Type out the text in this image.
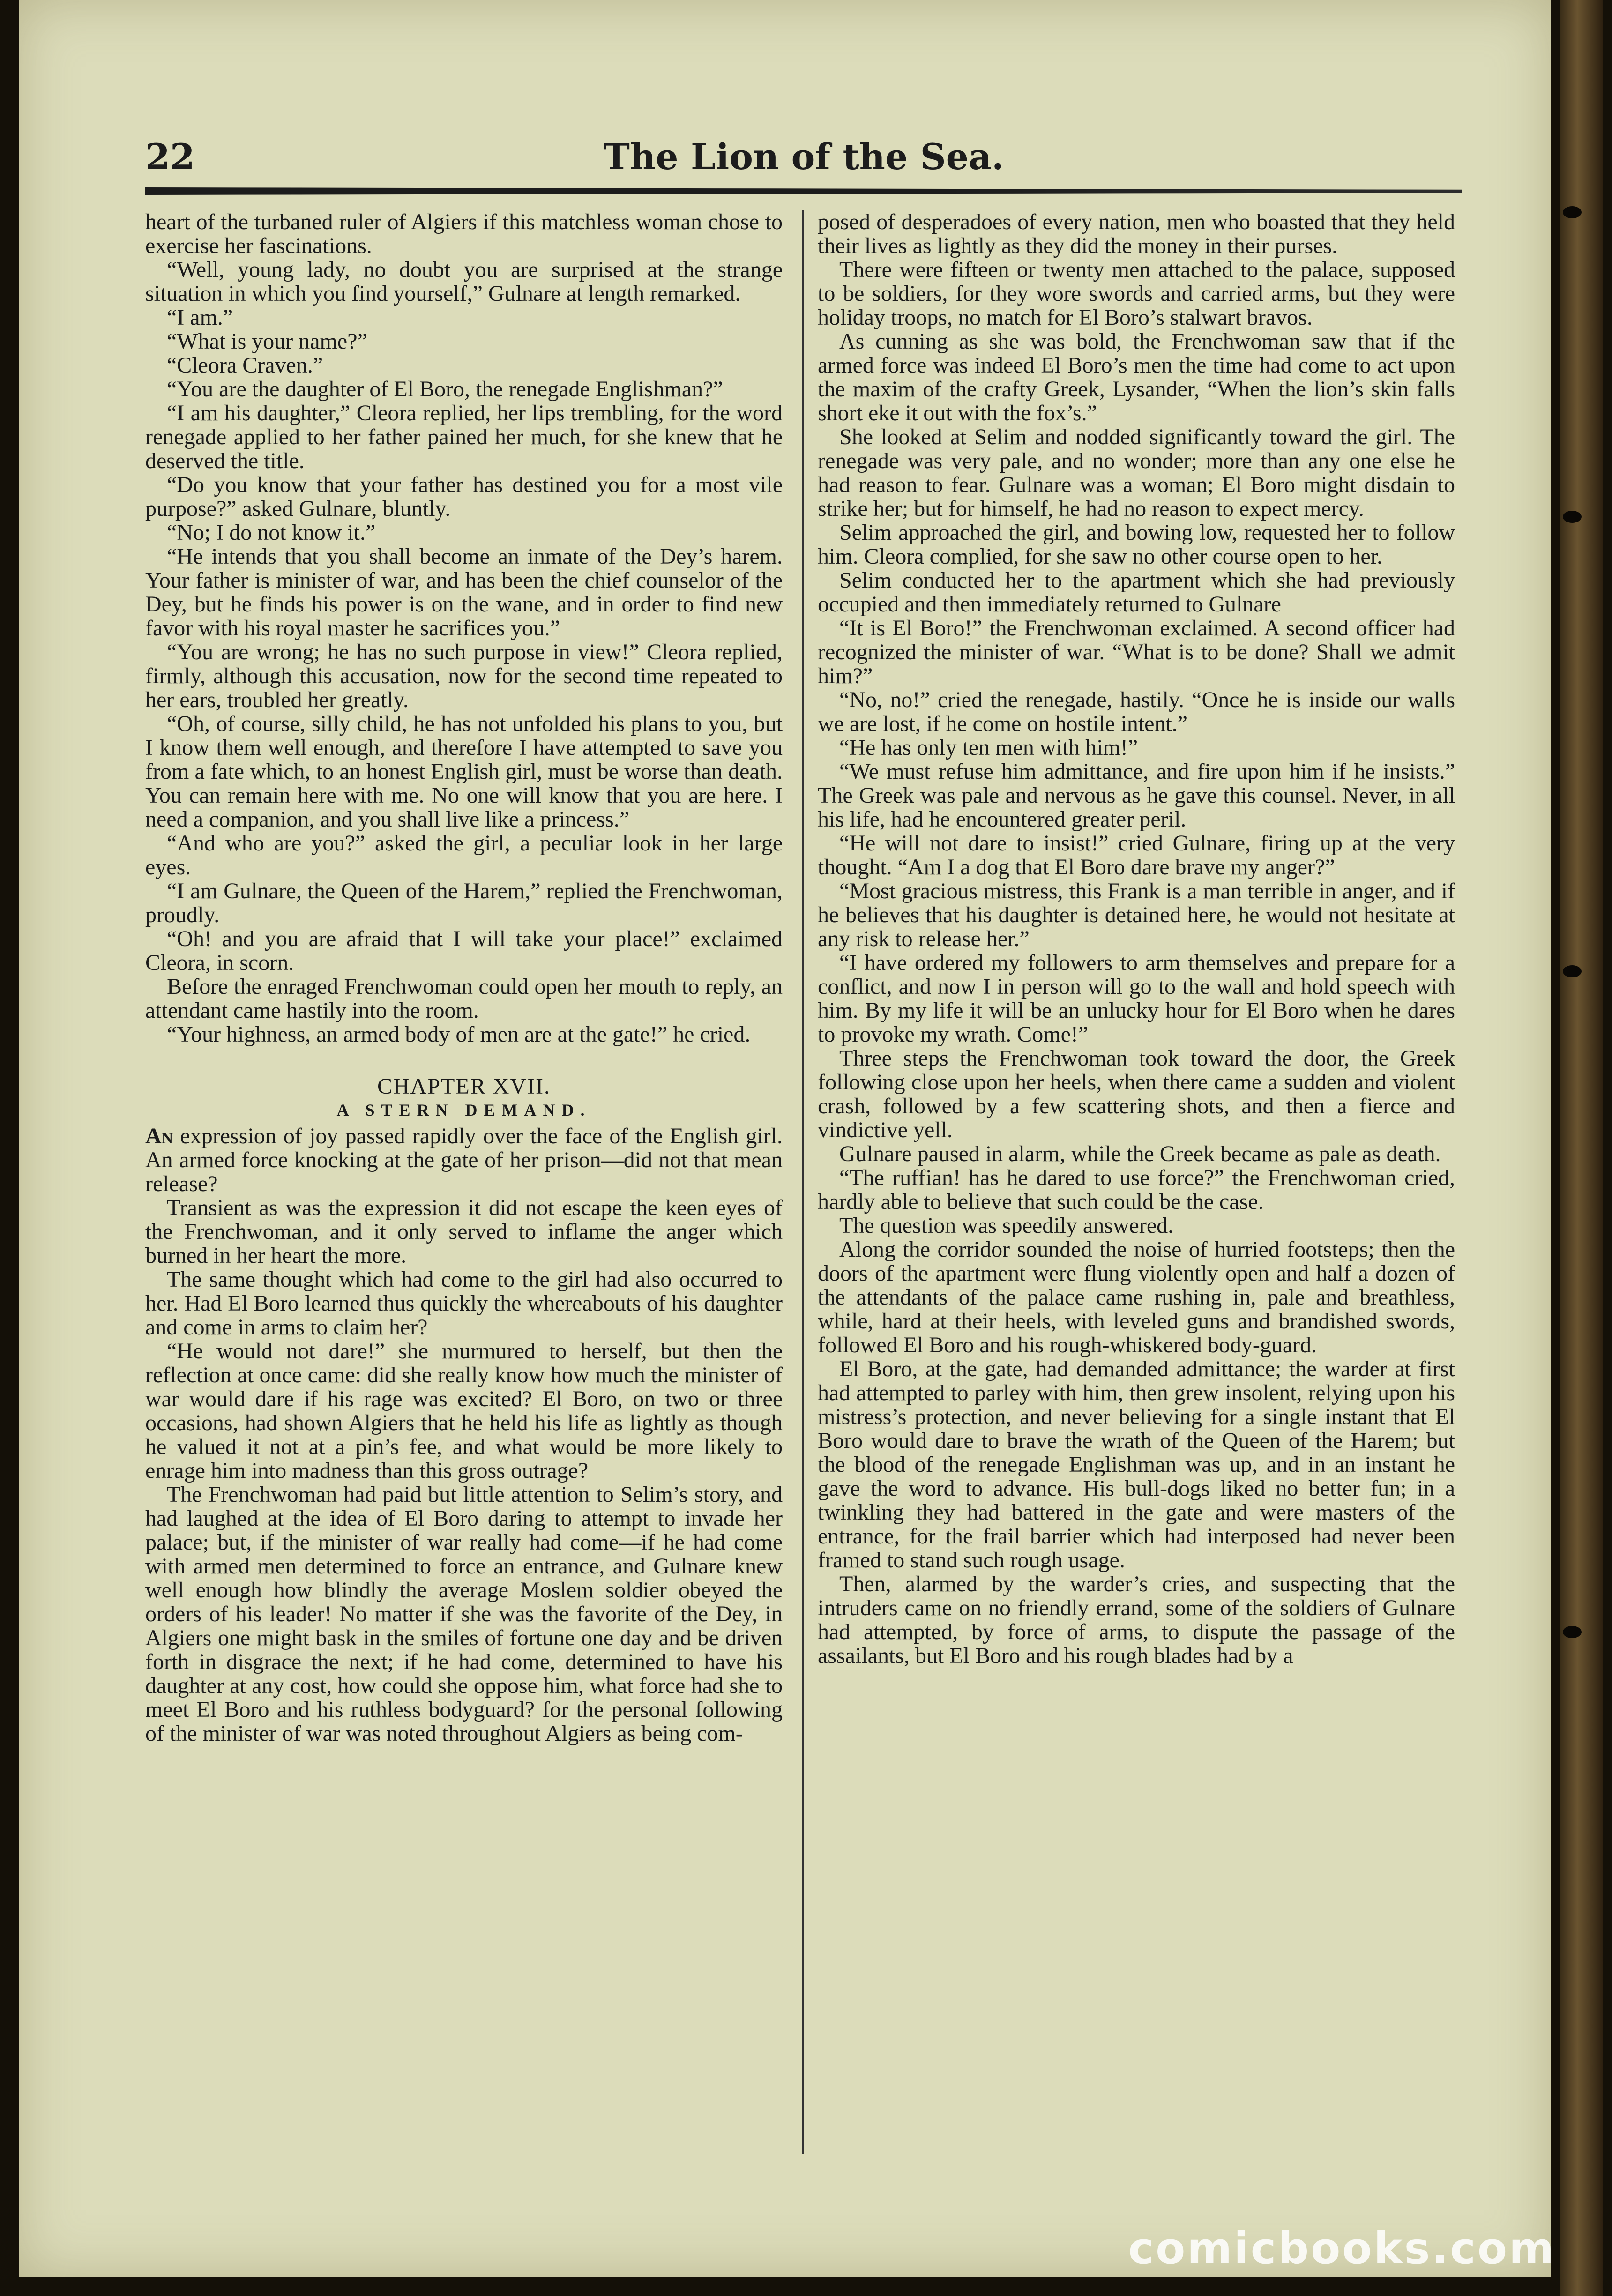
22	The Lion of the Sea.

heart of the turbaned ruler of Algiers if this matchless woman chose to exercise her fascinations.

“Well, young lady, no doubt you are surprised at the strange situation in which you find yourself,” Gulnare at length remarked.

“I am.”

“What is your name?”

“Cleora Craven.”

“You are the daughter of El Boro, the renegade Englishman?”

“I am his daughter,” Cleora replied, her lips trembling, for the word renegade applied to her father pained her much, for she knew that he deserved the title.

“Do you know that your father has destined you for a most vile purpose?” asked Gulnare, bluntly.

“No; I do not know it.”

“He intends that you shall become an inmate of the Dey’s harem. Your father is minister of war, and has been the chief counselor of the Dey, but he finds his power is on the wane, and in order to find new favor with his royal master he sacrifices you.”

“You are wrong; he has no such purpose in view!” Cleora replied, firmly, although this accusation, now for the second time repeated to her ears, troubled her greatly.

“Oh, of course, silly child, he has not unfolded his plans to you, but I know them well enough, and therefore I have attempted to save you from a fate which, to an honest English girl, must be worse than death. You can remain here with me. No one will know that you are here. I need a companion, and you shall live like a princess.”

“And who are you?” asked the girl, a peculiar look in her large eyes.

“I am Gulnare, the Queen of the Harem,” replied the Frenchwoman, proudly.

“Oh! and you are afraid that I will take your place!” exclaimed Cleora, in scorn.

Before the enraged Frenchwoman could open her mouth to reply, an attendant came hastily into the room.

“Your highness, an armed body of men are at the gate!” he cried.

CHAPTER XVII.
A STERN DEMAND.

An expression of joy passed rapidly over the face of the English girl. An armed force knocking at the gate of her prison—did not that mean release?

Transient as was the expression it did not escape the keen eyes of the Frenchwoman, and it only served to inflame the anger which burned in her heart the more.

The same thought which had come to the girl had also occurred to her. Had El Boro learned thus quickly the whereabouts of his daughter and come in arms to claim her?

“He would not dare!” she murmured to herself, but then the reflection at once came: did she really know how much the minister of war would dare if his rage was excited? El Boro, on two or three occasions, had shown Algiers that he held his life as lightly as though he valued it not at a pin’s fee, and what would be more likely to enrage him into madness than this gross outrage?

The Frenchwoman had paid but little attention to Selim’s story, and had laughed at the idea of El Boro daring to attempt to invade her palace; but, if the minister of war really had come—if he had come with armed men determined to force an entrance, and Gulnare knew well enough how blindly the average Moslem soldier obeyed the orders of his leader! No matter if she was the favorite of the Dey, in Algiers one might bask in the smiles of fortune one day and be driven forth in disgrace the next; if he had come, determined to have his daughter at any cost, how could she oppose him, what force had she to meet El Boro and his ruthless bodyguard? for the personal following of the minister of war was noted throughout Algiers as being com-

posed of desperadoes of every nation, men who boasted that they held their lives as lightly as they did the money in their purses.

There were fifteen or twenty men attached to the palace, supposed to be soldiers, for they wore swords and carried arms, but they were holiday troops, no match for El Boro’s stalwart bravos.

As cunning as she was bold, the Frenchwoman saw that if the armed force was indeed El Boro’s men the time had come to act upon the maxim of the crafty Greek, Lysander, “When the lion’s skin falls short eke it out with the fox’s.”

She looked at Selim and nodded significantly toward the girl. The renegade was very pale, and no wonder; more than any one else he had reason to fear. Gulnare was a woman; El Boro might disdain to strike her; but for himself, he had no reason to expect mercy.

Selim approached the girl, and bowing low, requested her to follow him. Cleora complied, for she saw no other course open to her.

Selim conducted her to the apartment which she had previously occupied and then immediately returned to Gulnare

“It is El Boro!” the Frenchwoman exclaimed. A second officer had recognized the minister of war. “What is to be done? Shall we admit him?”

“No, no!” cried the renegade, hastily. “Once he is inside our walls we are lost, if he come on hostile intent.”

“He has only ten men with him!”

“We must refuse him admittance, and fire upon him if he insists.” The Greek was pale and nervous as he gave this counsel. Never, in all his life, had he encountered greater peril.

“He will not dare to insist!” cried Gulnare, firing up at the very thought. “Am I a dog that El Boro dare brave my anger?”

“Most gracious mistress, this Frank is a man terrible in anger, and if he believes that his daughter is detained here, he would not hesitate at any risk to release her.”

“I have ordered my followers to arm themselves and prepare for a conflict, and now I in person will go to the wall and hold speech with him. By my life it will be an unlucky hour for El Boro when he dares to provoke my wrath. Come!”

Three steps the Frenchwoman took toward the door, the Greek following close upon her heels, when there came a sudden and violent crash, followed by a few scattering shots, and then a fierce and vindictive yell.

Gulnare paused in alarm, while the Greek became as pale as death.

“The ruffian! has he dared to use force?” the Frenchwoman cried, hardly able to believe that such could be the case.

The question was speedily answered.

Along the corridor sounded the noise of hurried footsteps; then the doors of the apartment were flung violently open and half a dozen of the attendants of the palace came rushing in, pale and breathless, while, hard at their heels, with leveled guns and brandished swords, followed El Boro and his rough-whiskered body-guard.

El Boro, at the gate, had demanded admittance; the warder at first had attempted to parley with him, then grew insolent, relying upon his mistress’s protection, and never believing for a single instant that El Boro would dare to brave the wrath of the Queen of the Harem; but the blood of the renegade Englishman was up, and in an instant he gave the word to advance. His bull-dogs liked no better fun; in a twinkling they had battered in the gate and were masters of the entrance, for the frail barrier which had interposed had never been framed to stand such rough usage.

Then, alarmed by the warder’s cries, and suspecting that the intruders came on no friendly errand, some of the soldiers of Gulnare had attempted, by force of arms, to dispute the passage of the assailants, but El Boro and his rough blades had by a

comicbooks.com
